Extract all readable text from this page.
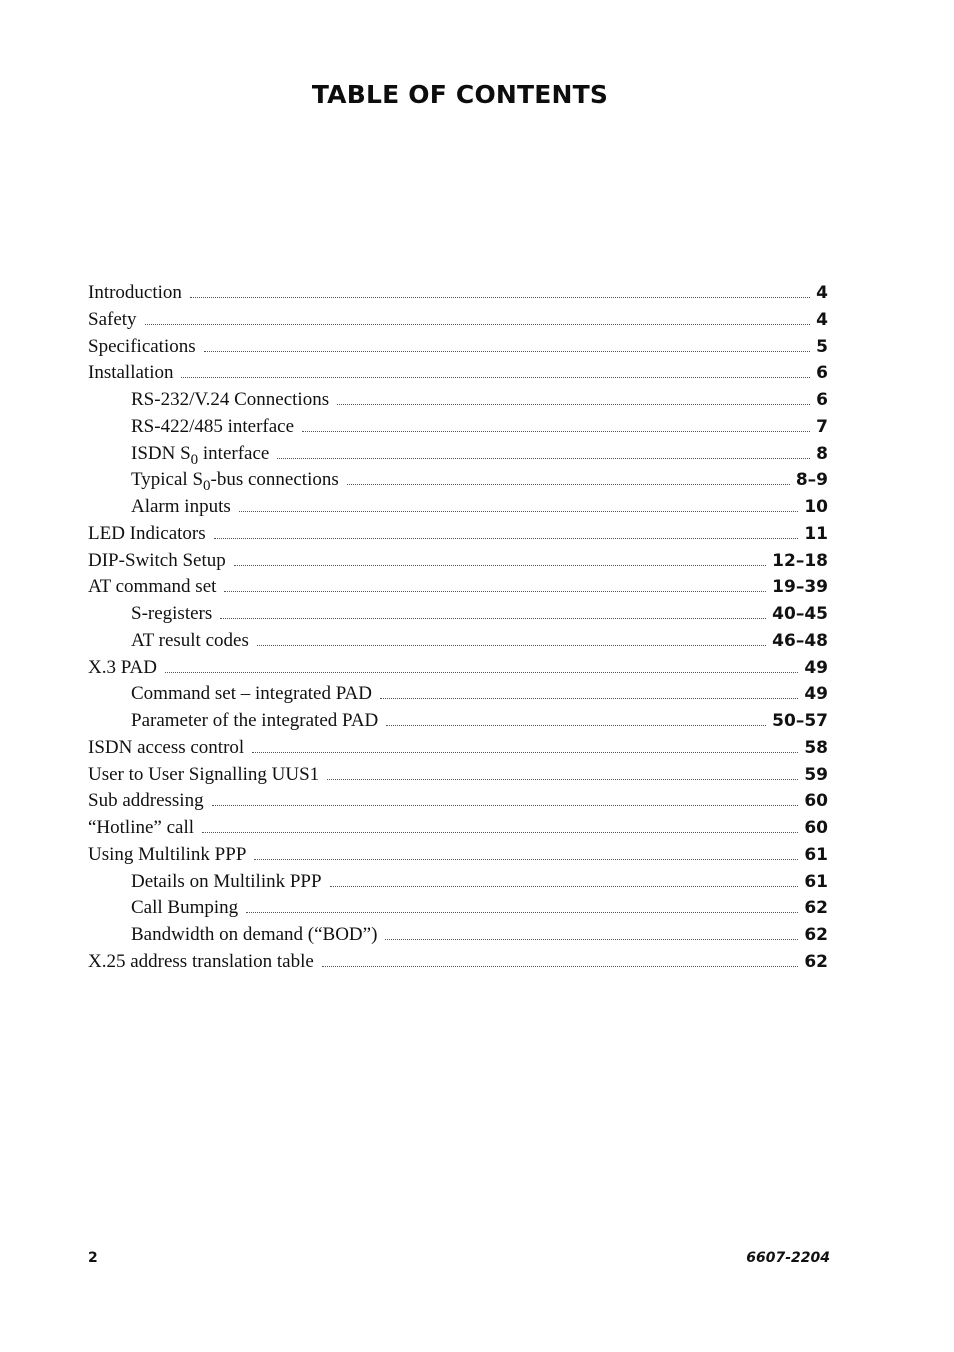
TABLE OF CONTENTS
Introduction	4
Safety	4
Specifications	5
Installation	6
RS-232/V.24 Connections	6
RS-422/485 interface	7
ISDN $S_0$ interface	8
Typical $S_0$-bus connections	8–9
Alarm inputs	10
LED Indicators	11
DIP-Switch Setup	12–18
AT command set	19–39
S-registers	40–45
AT result codes	46–48
X.3 PAD	49
Command set – integrated PAD	49
Parameter of the integrated PAD	50–57
ISDN access control	58
User to User Signalling UUS1	59
Sub addressing	60
“Hotline” call	60
Using Multilink PPP	61
Details on Multilink PPP	61
Call Bumping	62
Bandwidth on demand (“BOD”)	62
X.25 address translation table	62
2	6607-2204
